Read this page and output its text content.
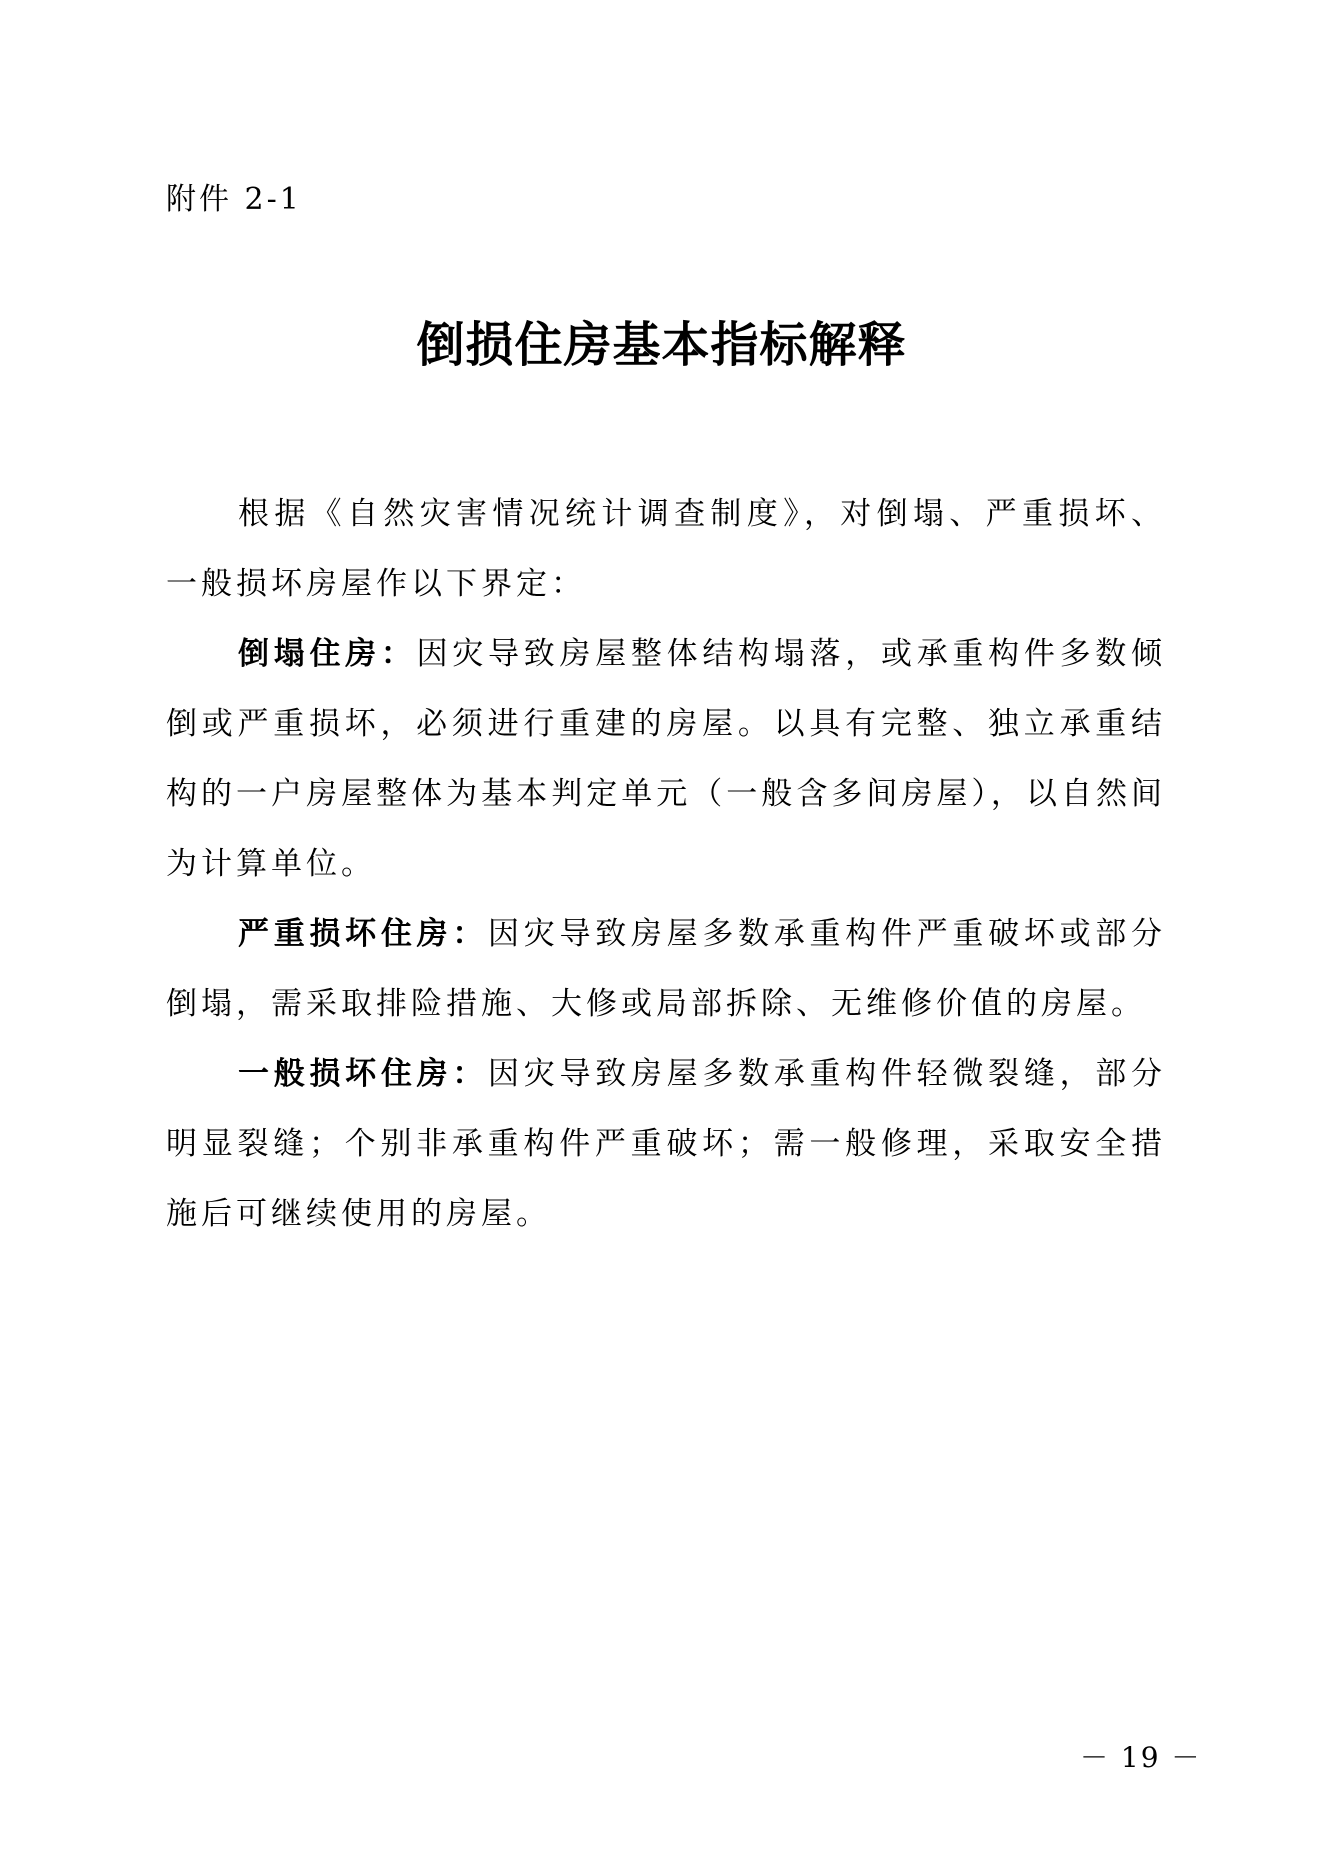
附件 2-1
倒损住房基本指标解释

根据《自然灾害情况统计调查制度》，对倒塌、严重损坏、一般损坏房屋作以下界定：

倒塌住房：因灾导致房屋整体结构塌落，或承重构件多数倾倒或严重损坏，必须进行重建的房屋。以具有完整、独立承重结构的一户房屋整体为基本判定单元（一般含多间房屋），以自然间为计算单位。

严重损坏住房：因灾导致房屋多数承重构件严重破坏或部分倒塌，需采取排险措施、大修或局部拆除、无维修价值的房屋。

一般损坏住房：因灾导致房屋多数承重构件轻微裂缝，部分明显裂缝；个别非承重构件严重破坏；需一般修理，采取安全措施后可继续使用的房屋。

－ 19 －
